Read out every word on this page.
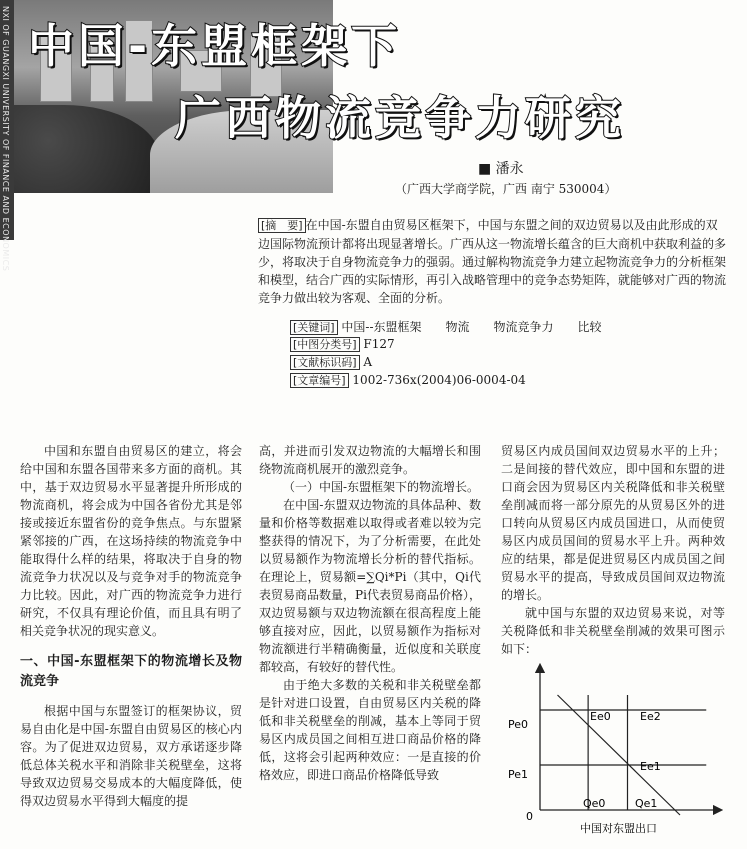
NXI OF GUANGXI UNIVERSITY OF FINANCE AND ECONOMICS 中国-东盟框架下
广西物流竞争力研究
■ 潘永
（广西大学商学院，广西 南宁 530004）
[摘　要] 在中国-东盟自由贸易区框架下，中国与东盟之间的双边贸易以及由此形成的双边国际物流预计都将出现显著增长。广西从这一物流增长蕴含的巨大商机中获取利益的多少，将取决于自身物流竞争力的强弱。通过解构物流竞争力建立起物流竞争力的分析框架和模型，结合广西的实际情形，再引入战略管理中的竞争态势矩阵，就能够对广西的物流竞争力做出较为客观、全面的分析。
[关键词] 中国--东盟框架　　物流　　物流竞争力　　比较
[中图分类号] F127
[文献标识码] A
[文章编号] 1002-736x(2004)06-0004-04

中国和东盟自由贸易区的建立，将会给中国和东盟各国带来多方面的商机。其中，基于双边贸易水平显著提升所形成的物流商机，将会成为中国各省份尤其是邻接或接近东盟省份的竞争焦点。与东盟紧紧邻接的广西，在这场持续的物流竞争中能取得什么样的结果，将取决于自身的物流竞争力状况以及与竞争对手的物流竞争力比较。因此，对广西的物流竞争力进行研究，不仅具有理论价值，而且具有明了相关竞争状况的现实意义。

一、中国-东盟框架下的物流增长及物流竞争

根据中国与东盟签订的框架协议，贸易自由化是中国-东盟自由贸易区的核心内容。为了促进双边贸易，双方承诺逐步降低总体关税水平和消除非关税壁垒，这将导致双边贸易交易成本的大幅度降低，使得双边贸易水平得到大幅度的提

高，并进而引发双边物流的大幅增长和围绕物流商机展开的激烈竞争。

（一）中国-东盟框架下的物流增长。

在中国-东盟双边物流的具体品种、数量和价格等数据难以取得或者难以较为完整获得的情况下，为了分析需要，在此处以贸易额作为物流增长分析的替代指标。在理论上，贸易额=∑Qi*Pi（其中，Qi代表贸易商品数量，Pi代表贸易商品价格），双边贸易额与双边物流额在很高程度上能够直接对应，因此，以贸易额作为指标对物流额进行半精确衡量，近似度和关联度都较高，有较好的替代性。

由于绝大多数的关税和非关税壁垒都是针对进口设置，自由贸易区内关税的降低和非关税壁垒的削减，基本上等同于贸易区内成员国之间相互进口商品价格的降低，这将会引起两种效应：一是直接的价格效应，即进口商品价格降低导致

贸易区内成员国间双边贸易水平的上升；二是间接的替代效应，即中国和东盟的进口商会因为贸易区内关税降低和非关税壁垒削减而将一部分原先的从贸易区外的进口转向从贸易区内成员国进口，从而使贸易区内成员国间的贸易水平上升。两种效应的结果，都是促进贸易区内成员国之间贸易水平的提高，导致成员国间双边物流的增长。

就中国与东盟的双边贸易来说，对等关税降低和非关税壁垒削减的效果可图示如下：

0
Pe0
Pe1
Qe0	Qe1
Ee0	Ee2
Ee1
中国对东盟出口
